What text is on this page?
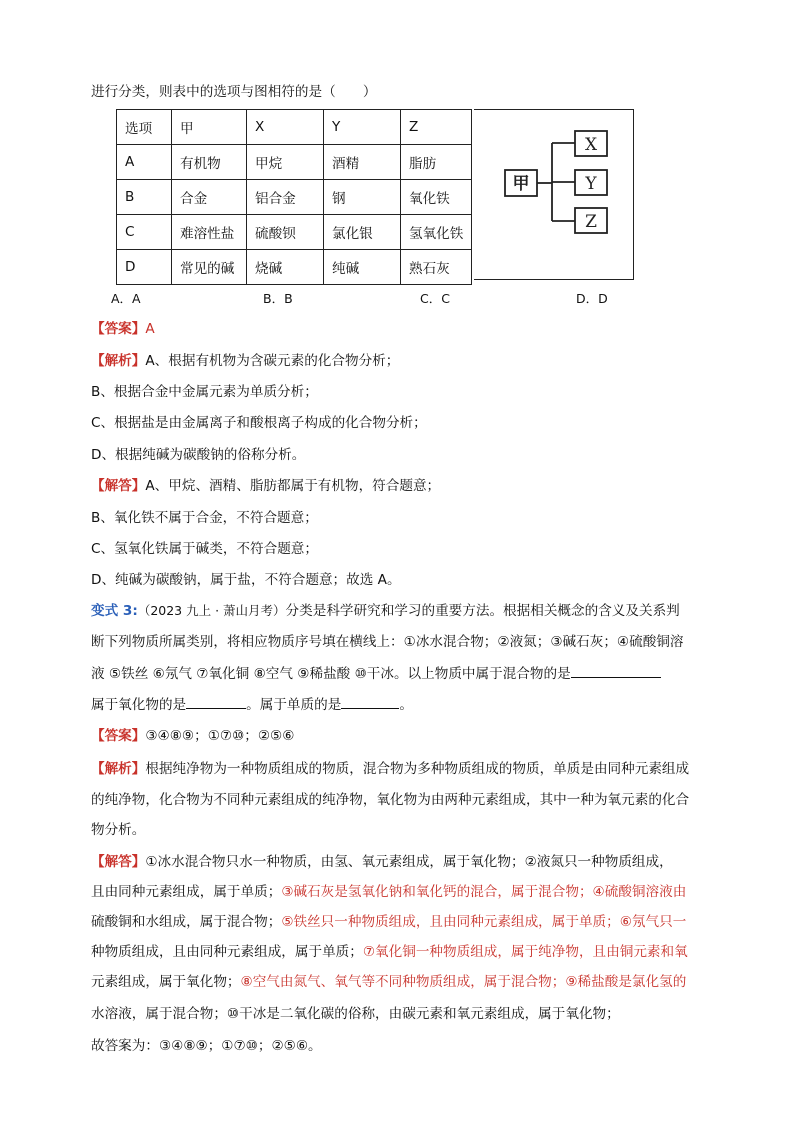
进行分类，则表中的选项与图相符的是（　　）
选项	甲	X	Y	Z
A	有机物	甲烷	酒精	脂肪
B	合金	铝合金	钢	氧化铁
C	难溶性盐	硫酸钡	氯化银	氢氧化铁
D	常见的碱	烧碱	纯碱	熟石灰
甲
X
Y
Z
A．A	B．B	C．C	D．D
【答案】A
【解析】A、根据有机物为含碳元素的化合物分析；
B、根据合金中金属元素为单质分析；
C、根据盐是由金属离子和酸根离子构成的化合物分析；
D、根据纯碱为碳酸钠的俗称分析。
【解答】A、甲烷、酒精、脂肪都属于有机物，符合题意；
B、氧化铁不属于合金，不符合题意；
C、氢氧化铁属于碱类，不符合题意；
D、纯碱为碳酸钠，属于盐，不符合题意；故选 A。
变式 3:（2023 九上 · 萧山月考）分类是科学研究和学习的重要方法。根据相关概念的含义及关系判
断下列物质所属类别，将相应物质序号填在横线上：①冰水混合物；②液氮；③碱石灰；④硫酸铜溶
液 ⑤铁丝 ⑥氖气 ⑦氧化铜 ⑧空气 ⑨稀盐酸 ⑩干冰。以上物质中属于混合物的是
属于氧化物的是	。属于单质的是	。
【答案】③④⑧⑨；①⑦⑩；②⑤⑥
【解析】根据纯净物为一种物质组成的物质，混合物为多种物质组成的物质，单质是由同种元素组成
的纯净物，化合物为不同种元素组成的纯净物，氧化物为由两种元素组成，其中一种为氧元素的化合
物分析。
【解答】①冰水混合物只水一种物质，由氢、氧元素组成，属于氧化物；②液氮只一种物质组成，
且由同种元素组成，属于单质；③碱石灰是氢氧化钠和氧化钙的混合，属于混合物；④硫酸铜溶液由
硫酸铜和水组成，属于混合物；⑤铁丝只一种物质组成，且由同种元素组成，属于单质；⑥氖气只一
种物质组成，且由同种元素组成，属于单质；⑦氧化铜一种物质组成，属于纯净物，且由铜元素和氧
元素组成，属于氧化物；⑧空气由氮气、氧气等不同种物质组成，属于混合物；⑨稀盐酸是氯化氢的
水溶液，属于混合物；⑩干冰是二氧化碳的俗称，由碳元素和氧元素组成，属于氧化物；
故答案为：③④⑧⑨；①⑦⑩；②⑤⑥。
